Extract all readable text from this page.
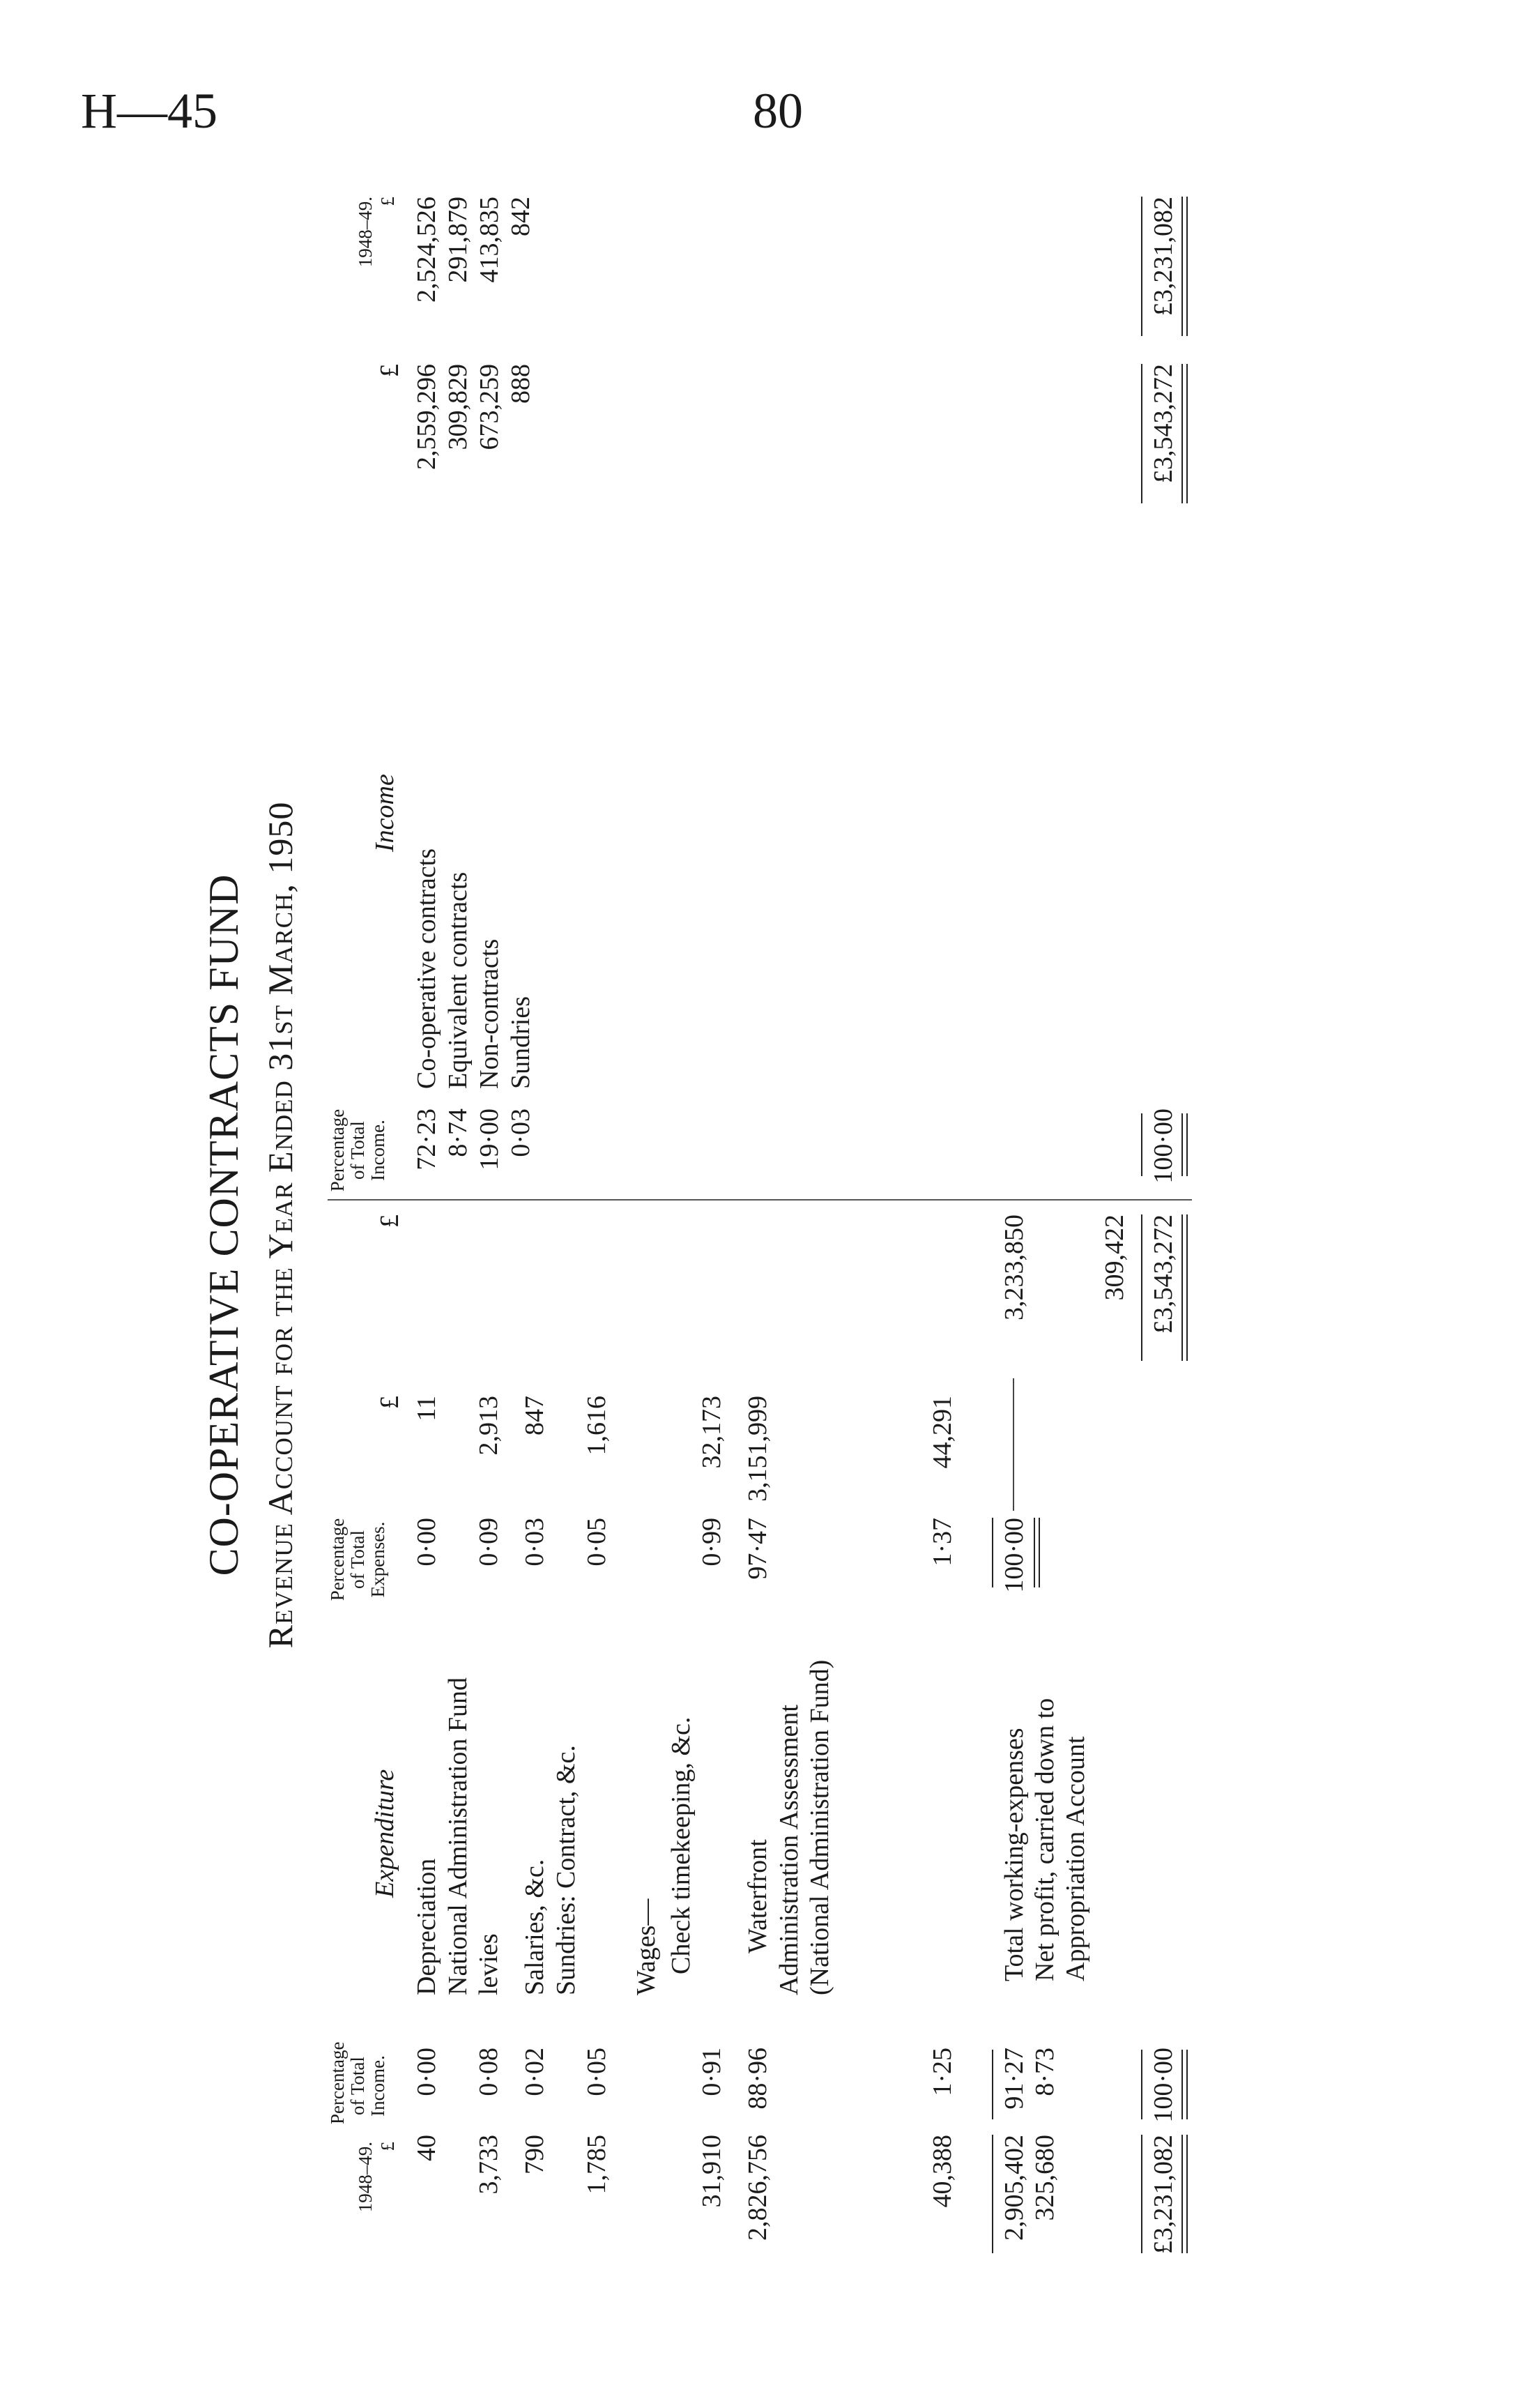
H—45	80
CO-OPERATIVE CONTRACTS FUND Revenue Account for the Year Ended 31st March, 1950
1948–49. £
Percentage of Total Income.
Expenditure
Percentage of Total Expenses.
£
£
40
0·00
Depreciation
0·00
11
3,733
0·08
National Administration Fund levies
0·09
2,913
790
0·02
Salaries, &c.
0·03
847
1,785
0·05
Sundries: Contract, &c.
0·05
1,616
Wages—
31,910
0·91
Check timekeeping, &c.
0·99
32,173
2,826,756
88·96
Waterfront
97·47
3,151,999
40,388
1·25
Administration Assessment (National Administration Fund)
1·37
44,291
2,905,402
91·27
Total working-expenses
100·00
3,233,850
325,680
8·73
Net profit, carried down to Appropriation Account
309,422
£3,231,082
100·00
£3,543,272
Percentage of Total Income.
Income
£
1948–49. £
72·23
Co-operative contracts
2,559,296
2,524,526
8·74
Equivalent contracts
309,829
291,879
19·00
Non-contracts
673,259
413,835
0·03
Sundries
888
842
100·00
£3,543,272
£3,231,082
